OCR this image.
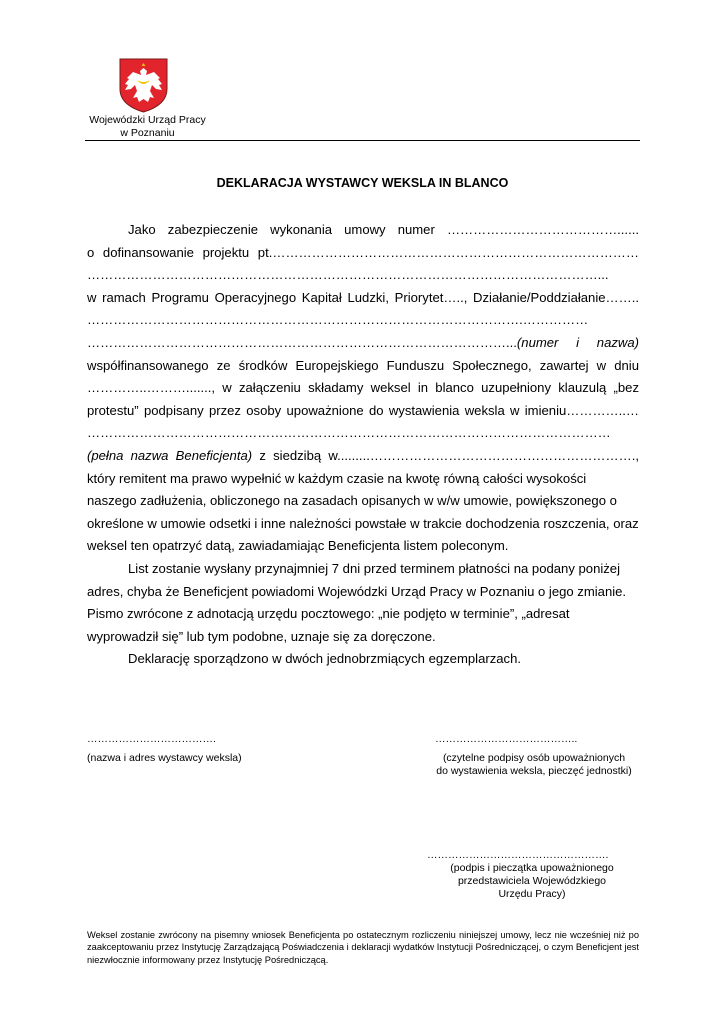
Wojewódzki Urząd Pracy
w Poznaniu
DEKLARACJA WYSTAWCY WEKSLA IN BLANCO

Jako zabezpieczenie wykonania umowy numer …………………………………......

o dofinansowanie projektu pt.…………………………………………………………………………

………………………………………………………………………………………………………...

w ramach Programu Operacyjnego Kapitał Ludzki, Priorytet….., Działanie/Poddziałanie……..

……………………………………………………………………………………….……………

……………………………………………………………………………………...(numer i nazwa)

współfinansowanego ze środków Europejskiego Funduszu Społecznego, zawartej w dniu

…………..………......., w załączeniu składamy weksel in blanco uzupełniony klauzulą „bez

protestu” podpisany przez osoby upoważnione do wystawienia weksla w imieniu…………..…

…………………………………………………………………………………………………………

(pełna nazwa Beneficjenta) z siedzibą w.........…………………………………………………….,

który remitent ma prawo wypełnić w każdym czasie na kwotę równą całości wysokości naszego zadłużenia, obliczonego na zasadach opisanych w w/w umowie, powiększonego o określone w umowie odsetki i inne należności powstałe w trakcie dochodzenia roszczenia, oraz weksel ten opatrzyć datą, zawiadamiając Beneficjenta listem poleconym.

List zostanie wysłany przynajmniej 7 dni przed terminem płatności na podany poniżej adres, chyba że Beneficjent powiadomi Wojewódzki Urząd Pracy w Poznaniu o jego zmianie. Pismo zwrócone z adnotacją urzędu pocztowego: „nie podjęto w terminie”, „adresat wyprowadził się” lub tym podobne, uznaje się za doręczone.

Deklarację sporządzono w dwóch jednobrzmiących egzemplarzach.

……………………………….
(nazwa i adres wystawcy weksla)
…………………………………..
(czytelne podpisy osób upoważnionych
do wystawienia weksla, pieczęć jednostki)
…………………………………………….
(podpis i pieczątka upoważnionego
przedstawiciela Wojewódzkiego
Urzędu Pracy)
Weksel zostanie zwrócony na pisemny wniosek Beneficjenta po ostatecznym rozliczeniu niniejszej umowy, lecz nie wcześniej niż po zaakceptowaniu przez Instytucję Zarządzającą Poświadczenia i deklaracji wydatków Instytucji Pośredniczącej, o czym Beneficjent jest niezwłocznie informowany przez Instytucję Pośredniczącą.
